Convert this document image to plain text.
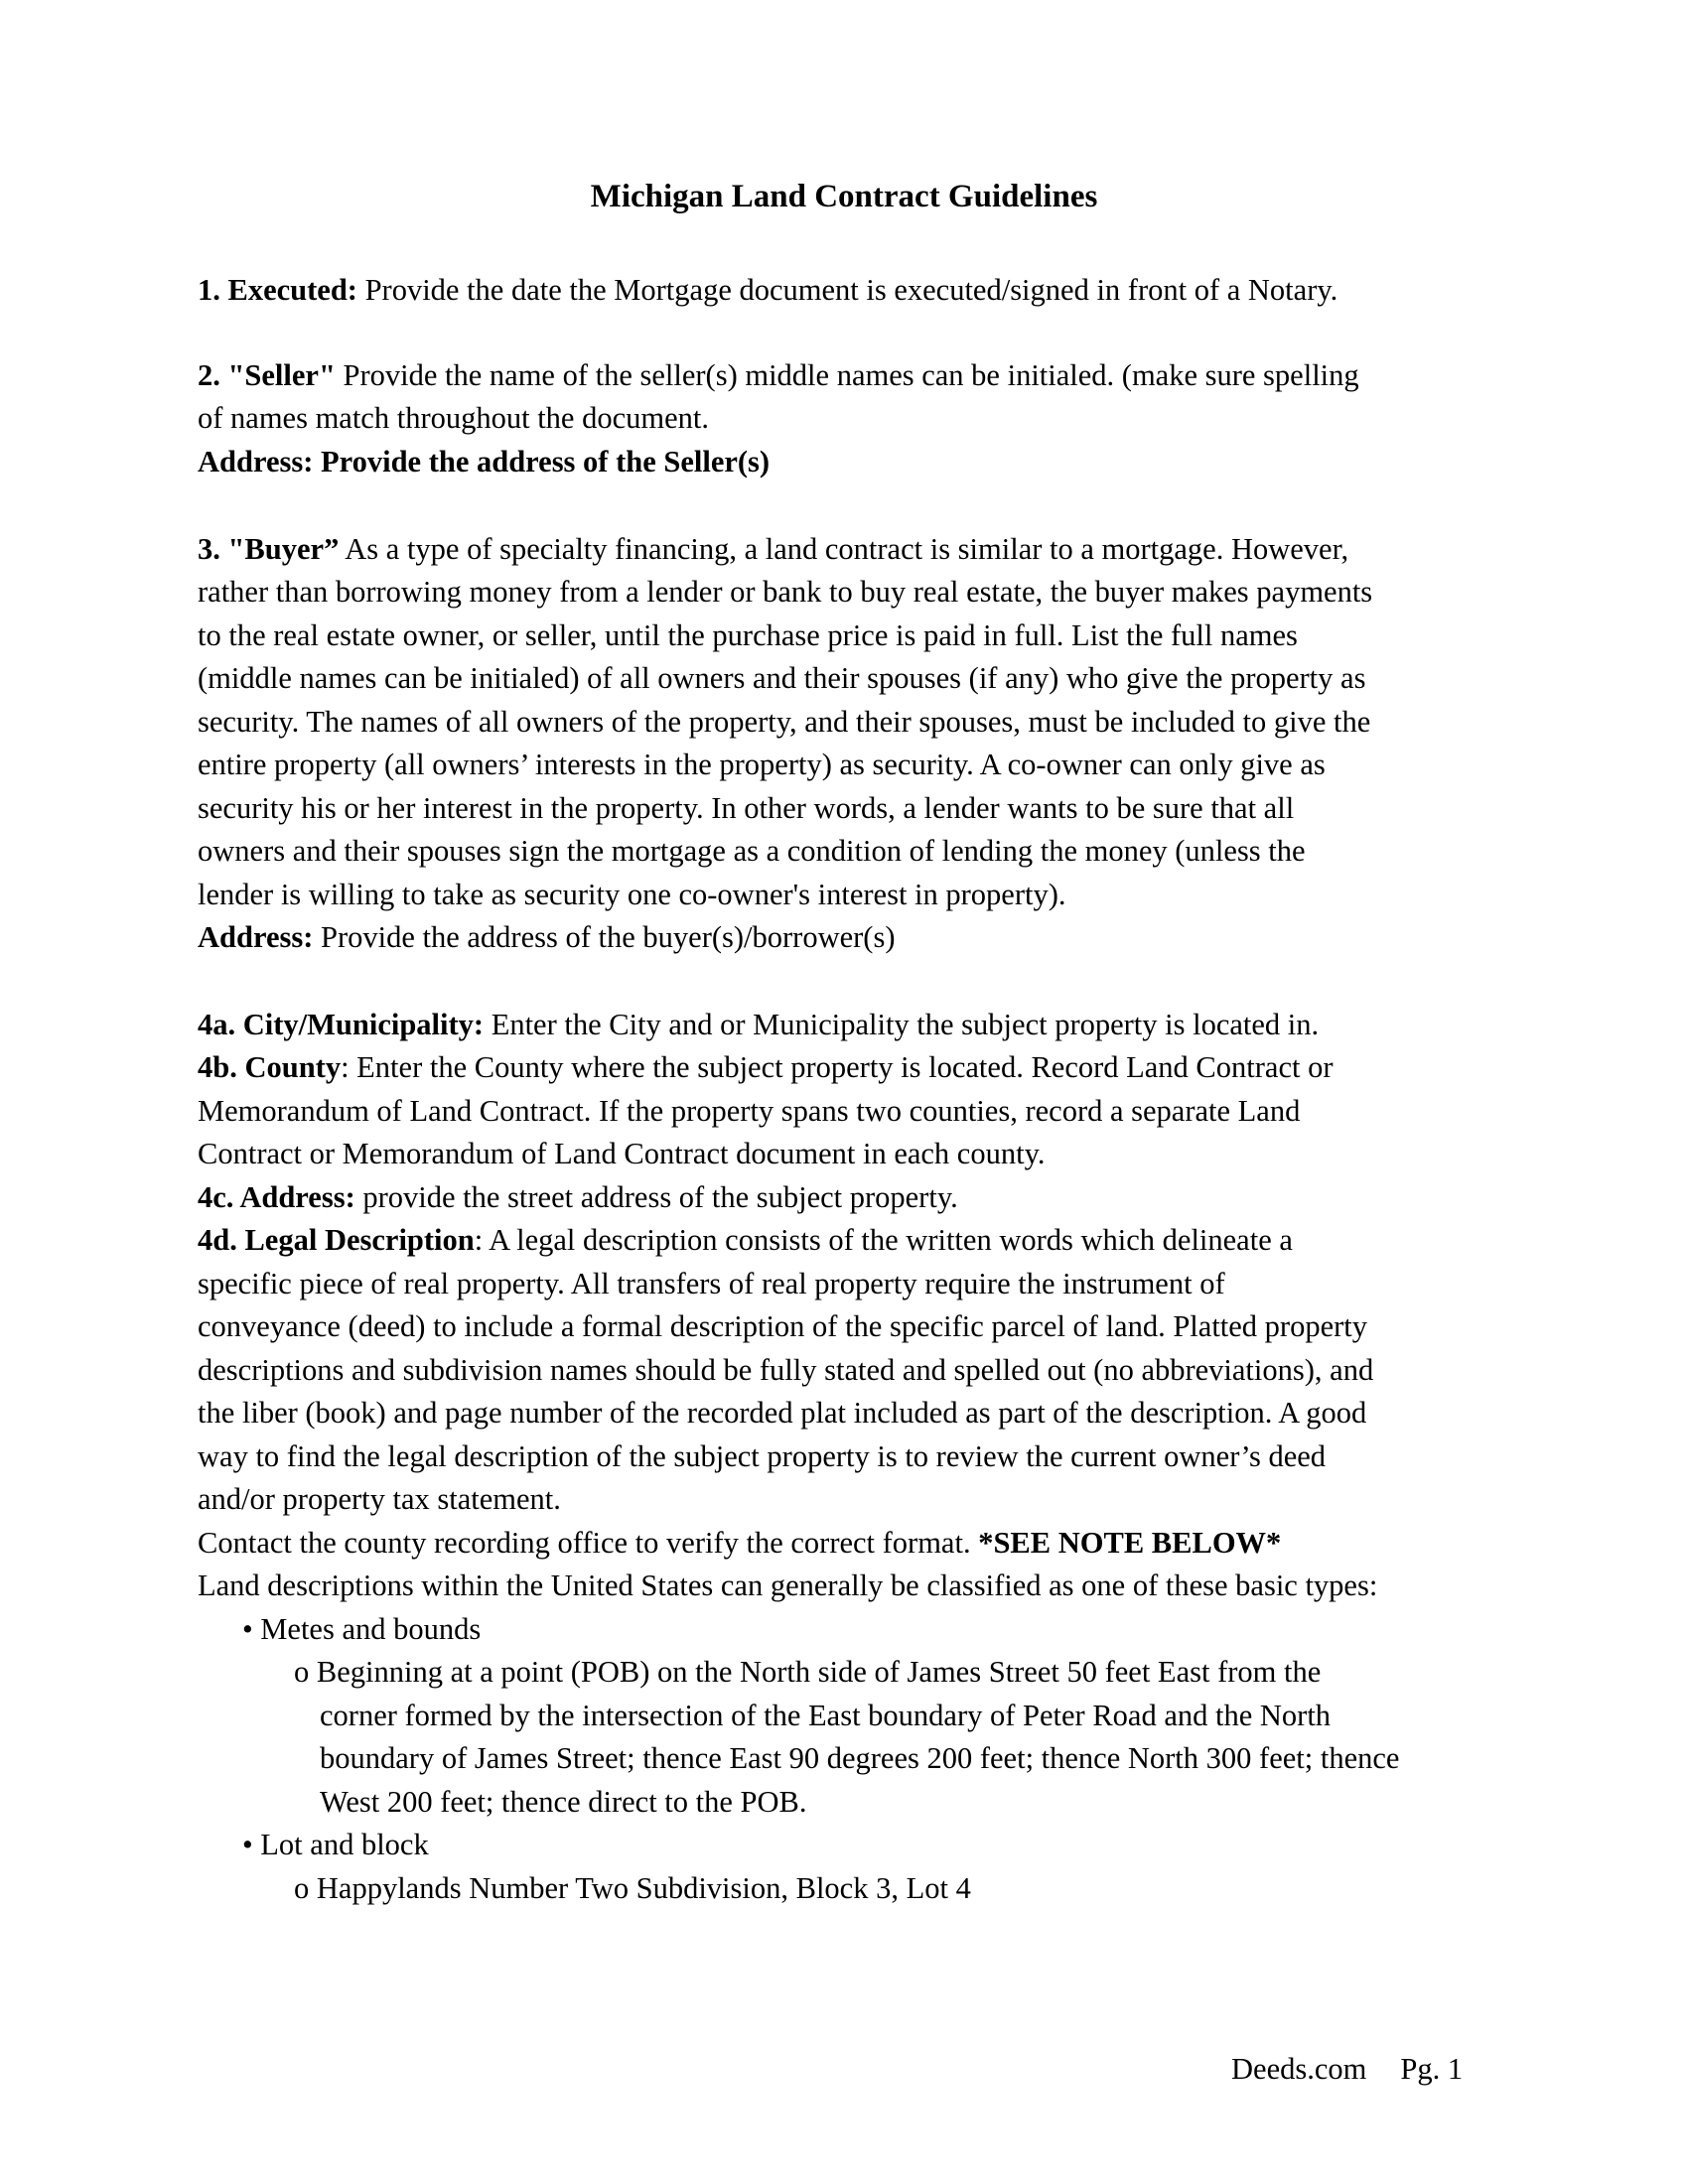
Michigan Land Contract Guidelines
1. Executed: Provide the date the Mortgage document is executed/signed in front of a Notary.
2. "Seller" Provide the name of the seller(s) middle names can be initialed. (make sure spelling
of names match throughout the document.
Address: Provide the address of the Seller(s)
3. "Buyer” As a type of specialty financing, a land contract is similar to a mortgage. However,
rather than borrowing money from a lender or bank to buy real estate, the buyer makes payments
to the real estate owner, or seller, until the purchase price is paid in full. List the full names
(middle names can be initialed) of all owners and their spouses (if any) who give the property as
security. The names of all owners of the property, and their spouses, must be included to give the
entire property (all owners’ interests in the property) as security. A co-owner can only give as
security his or her interest in the property. In other words, a lender wants to be sure that all
owners and their spouses sign the mortgage as a condition of lending the money (unless the
lender is willing to take as security one co-owner's interest in property).
Address: Provide the address of the buyer(s)/borrower(s)
4a. City/Municipality: Enter the City and or Municipality the subject property is located in.
4b. County: Enter the County where the subject property is located. Record Land Contract or
Memorandum of Land Contract. If the property spans two counties, record a separate Land
Contract or Memorandum of Land Contract document in each county.
4c. Address: provide the street address of the subject property.
4d. Legal Description: A legal description consists of the written words which delineate a
specific piece of real property. All transfers of real property require the instrument of
conveyance (deed) to include a formal description of the specific parcel of land. Platted property
descriptions and subdivision names should be fully stated and spelled out (no abbreviations), and
the liber (book) and page number of the recorded plat included as part of the description. A good
way to find the legal description of the subject property is to review the current owner’s deed
and/or property tax statement.
Contact the county recording office to verify the correct format. *SEE NOTE BELOW*
Land descriptions within the United States can generally be classified as one of these basic types:
• Metes and bounds
o Beginning at a point (POB) on the North side of James Street 50 feet East from the
corner formed by the intersection of the East boundary of Peter Road and the North
boundary of James Street; thence East 90 degrees 200 feet; thence North 300 feet; thence
West 200 feet; thence direct to the POB.
• Lot and block
o Happylands Number Two Subdivision, Block 3, Lot 4
Deeds.com Pg. 1
